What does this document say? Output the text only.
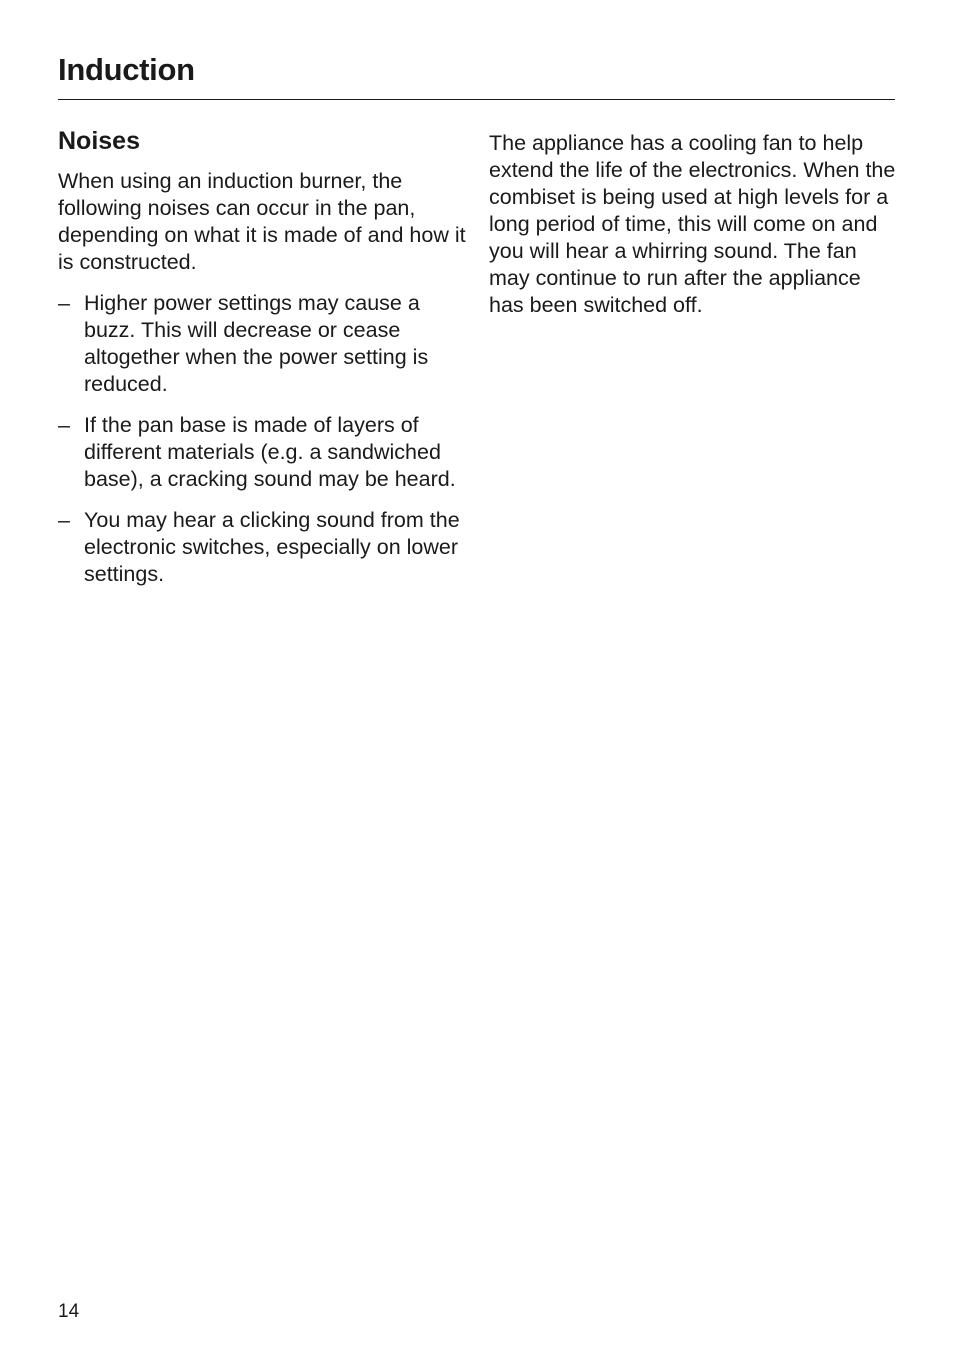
Induction
Noises

When using an induction burner, the following noises can occur in the pan, depending on what it is made of and how it is constructed.

– Higher power settings may cause a buzz. This will decrease or cease altogether when the power setting is reduced.
– If the pan base is made of layers of different materials (e.g. a sandwiched base), a cracking sound may be heard.
– You may hear a clicking sound from the electronic switches, especially on lower settings.

The appliance has a cooling fan to help extend the life of the electronics. When the combiset is being used at high levels for a long period of time, this will come on and you will hear a whirring sound. The fan may continue to run after the appliance has been switched off.

14
